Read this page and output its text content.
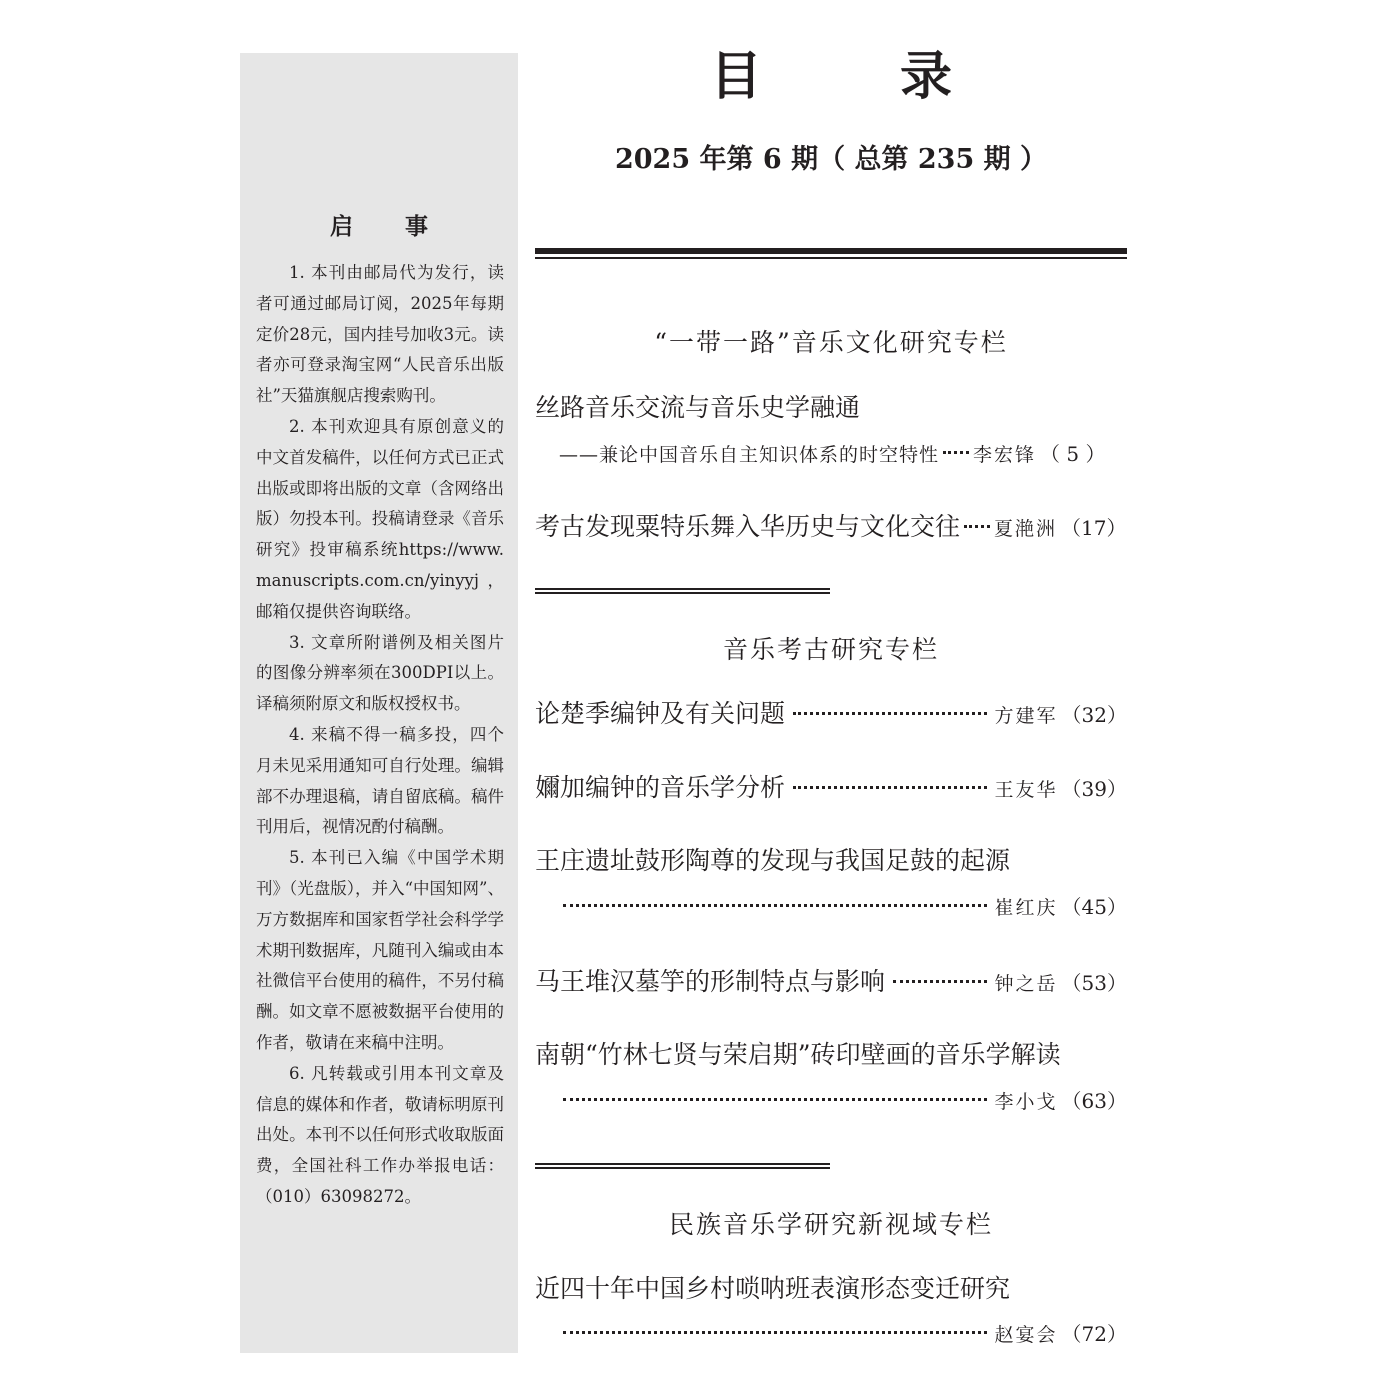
启 事

1. 本刊由邮局代为发行，读者可通过邮局订阅，2025年每期定价28元，国内挂号加收3元。读者亦可登录淘宝网“人民音乐出版社”天猫旗舰店搜索购刊。

2. 本刊欢迎具有原创意义的中文首发稿件，以任何方式已正式出版或即将出版的文章（含网络出版）勿投本刊。投稿请登录《音乐研究》投审稿系统https://www.manuscripts.com.cn/yinyyj，邮箱仅提供咨询联络。

3. 文章所附谱例及相关图片的图像分辨率须在300DPI以上。译稿须附原文和版权授权书。

4. 来稿不得一稿多投，四个月未见采用通知可自行处理。编辑部不办理退稿，请自留底稿。稿件刊用后，视情况酌付稿酬。

5. 本刊已入编《中国学术期刊》（光盘版），并入“中国知网”、万方数据库和国家哲学社会科学学术期刊数据库，凡随刊入编或由本社微信平台使用的稿件，不另付稿酬。如文章不愿被数据平台使用的作者，敬请在来稿中注明。

6. 凡转载或引用本刊文章及信息的媒体和作者，敬请标明原刊出处。本刊不以任何形式收取版面费，全国社科工作办举报电话：（010）63098272。

目 录
2025 年第 6 期（ 总第 235 期 ）
“一带一路”音乐文化研究专栏
丝路音乐交流与音乐史学融通
——兼论中国音乐自主知识体系的时空特性 李宏锋 （ 5 ）
考古发现粟特乐舞入华历史与文化交往 夏滟洲 （17）
音乐考古研究专栏
论楚季编钟及有关问题	方建军 （32）
嬭加编钟的音乐学分析	王友华 （39）
王庄遗址鼓形陶尊的发现与我国足鼓的起源
崔红庆 （45）
马王堆汉墓竽的形制特点与影响	钟之岳 （53）
南朝“竹林七贤与荣启期”砖印壁画的音乐学解读
李小戈 （63）
民族音乐学研究新视域专栏
近四十年中国乡村唢呐班表演形态变迁研究
赵宴会 （72）
